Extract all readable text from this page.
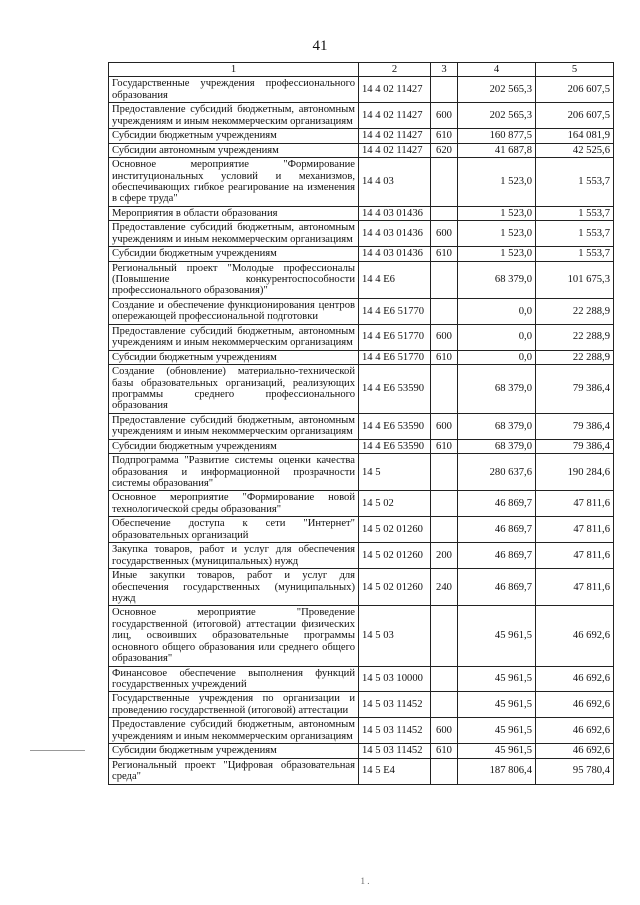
41
1	2	3	4	5
Государственные учреждения профессионального образования	14 4 02 11427		202 565,3	206 607,5
Предоставление субсидий бюджетным, автономным учреждениям и иным некоммерческим организациям	14 4 02 11427	600	202 565,3	206 607,5
Субсидии бюджетным учреждениям	14 4 02 11427	610	160 877,5	164 081,9
Субсидии автономным учреждениям	14 4 02 11427	620	41 687,8	42 525,6
Основное мероприятие "Формирование институциональных условий и механизмов, обеспечивающих гибкое реагирование на изменения в сфере труда"	14 4 03		1 523,0	1 553,7
Мероприятия в области образования	14 4 03 01436		1 523,0	1 553,7
Предоставление субсидий бюджетным, автономным учреждениям и иным некоммерческим организациям	14 4 03 01436	600	1 523,0	1 553,7
Субсидии бюджетным учреждениям	14 4 03 01436	610	1 523,0	1 553,7
Региональный проект "Молодые профессионалы (Повышение конкурентоспособности профессионального образования)"	14 4 E6		68 379,0	101 675,3
Создание и обеспечение функционирования центров опережающей профессиональной подготовки	14 4 E6 51770		0,0	22 288,9
Предоставление субсидий бюджетным, автономным учреждениям и иным некоммерческим организациям	14 4 E6 51770	600	0,0	22 288,9
Субсидии бюджетным учреждениям	14 4 E6 51770	610	0,0	22 288,9
Создание (обновление) материально-технической базы образовательных организаций, реализующих программы среднего профессионального образования	14 4 E6 53590		68 379,0	79 386,4
Предоставление субсидий бюджетным, автономным учреждениям и иным некоммерческим организациям	14 4 E6 53590	600	68 379,0	79 386,4
Субсидии бюджетным учреждениям	14 4 E6 53590	610	68 379,0	79 386,4
Подпрограмма "Развитие системы оценки качества образования и информационной прозрачности системы образования"	14 5		280 637,6	190 284,6
Основное мероприятие "Формирование новой технологической среды образования"	14 5 02		46 869,7	47 811,6
Обеспечение доступа к сети "Интернет" образовательных организаций	14 5 02 01260		46 869,7	47 811,6
Закупка товаров, работ и услуг для обеспечения государственных (муниципальных) нужд	14 5 02 01260	200	46 869,7	47 811,6
Иные закупки товаров, работ и услуг для обеспечения государственных (муниципальных) нужд	14 5 02 01260	240	46 869,7	47 811,6
Основное мероприятие "Проведение государственной (итоговой) аттестации физических лиц, освоивших образовательные программы основного общего образования или среднего общего образования"	14 5 03		45 961,5	46 692,6
Финансовое обеспечение выполнения функций государственных учреждений	14 5 03 10000		45 961,5	46 692,6
Государственные учреждения по организации и проведению государственной (итоговой) аттестации	14 5 03 11452		45 961,5	46 692,6
Предоставление субсидий бюджетным, автономным учреждениям и иным некоммерческим организациям	14 5 03 11452	600	45 961,5	46 692,6
Субсидии бюджетным учреждениям	14 5 03 11452	610	45 961,5	46 692,6
Региональный проект "Цифровая образовательная среда"	14 5 E4		187 806,4	95 780,4
1 .
